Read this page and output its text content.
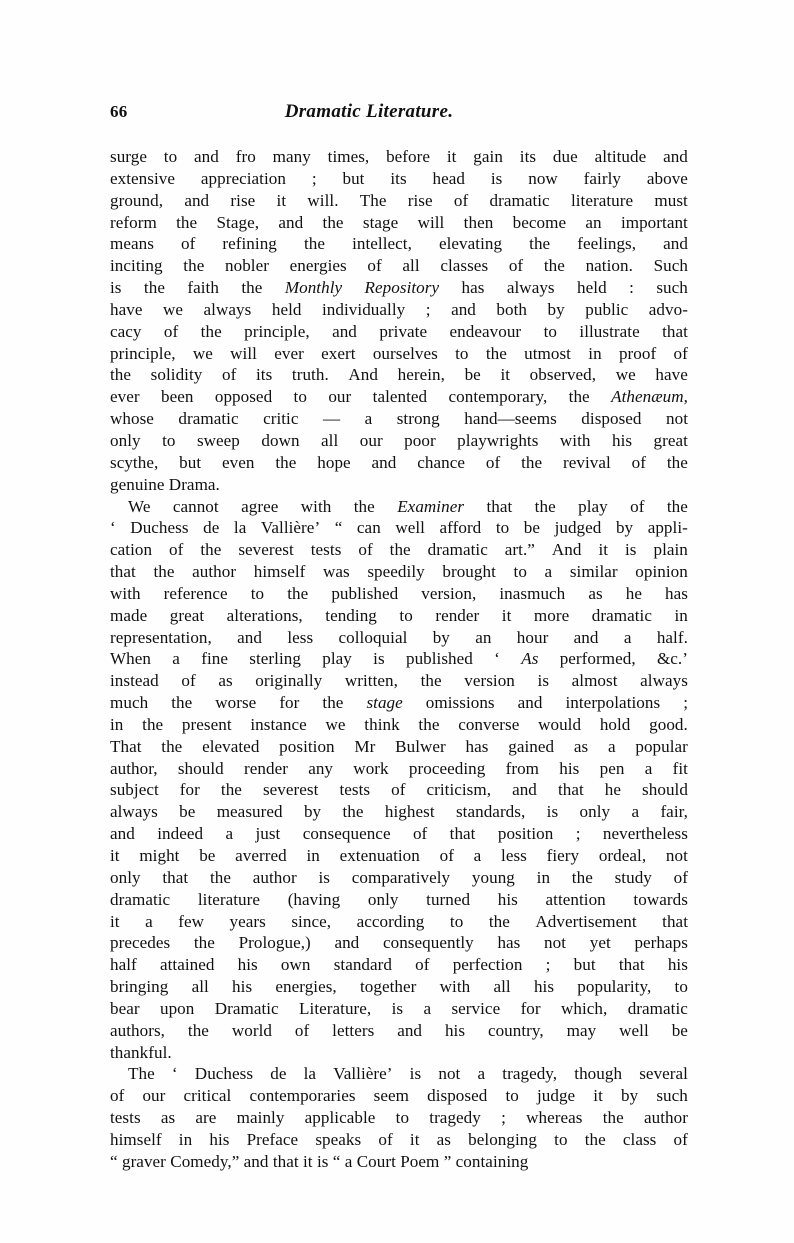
66	Dramatic Literature.
surge to and fro many times, before it gain its due altitude and
extensive appreciation ; but its head is now fairly above
ground, and rise it will. The rise of dramatic literature must
reform the Stage, and the stage will then become an important
means of refining the intellect, elevating the feelings, and
inciting the nobler energies of all classes of the nation. Such
is the faith the Monthly Repository has always held : such
have we always held individually ; and both by public advo-
cacy of the principle, and private endeavour to illustrate that
principle, we will ever exert ourselves to the utmost in proof of
the solidity of its truth. And herein, be it observed, we have
ever been opposed to our talented contemporary, the Athenæum,
whose dramatic critic — a strong hand—seems disposed not
only to sweep down all our poor playwrights with his great
scythe, but even the hope and chance of the revival of the
genuine Drama.
We cannot agree with the Examiner that the play of the
‘ Duchess de la Vallière’ “ can well afford to be judged by appli-
cation of the severest tests of the dramatic art.” And it is plain
that the author himself was speedily brought to a similar opinion
with reference to the published version, inasmuch as he has
made great alterations, tending to render it more dramatic in
representation, and less colloquial by an hour and a half.
When a fine sterling play is published ‘ As performed, &c.’
instead of as originally written, the version is almost always
much the worse for the stage omissions and interpolations ;
in the present instance we think the converse would hold good.
That the elevated position Mr Bulwer has gained as a popular
author, should render any work proceeding from his pen a fit
subject for the severest tests of criticism, and that he should
always be measured by the highest standards, is only a fair,
and indeed a just consequence of that position ; nevertheless
it might be averred in extenuation of a less fiery ordeal, not
only that the author is comparatively young in the study of
dramatic literature (having only turned his attention towards
it a few years since, according to the Advertisement that
precedes the Prologue,) and consequently has not yet perhaps
half attained his own standard of perfection ; but that his
bringing all his energies, together with all his popularity, to
bear upon Dramatic Literature, is a service for which, dramatic
authors, the world of letters and his country, may well be
thankful.
The ‘ Duchess de la Vallière’ is not a tragedy, though several
of our critical contemporaries seem disposed to judge it by such
tests as are mainly applicable to tragedy ; whereas the author
himself in his Preface speaks of it as belonging to the class of
“ graver Comedy,” and that it is “ a Court Poem ” containing
